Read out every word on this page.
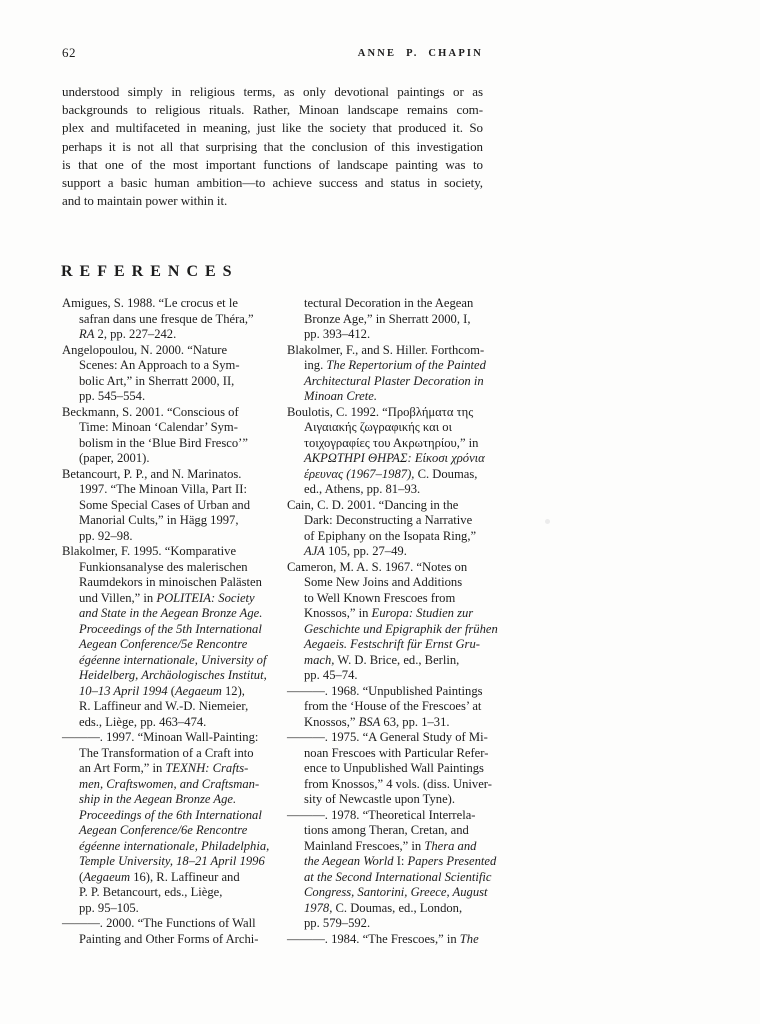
62	ANNE P. CHAPIN
understood simply in religious terms, as only devotional paintings or as
backgrounds to religious rituals. Rather, Minoan landscape remains com-
plex and multifaceted in meaning, just like the society that produced it. So
perhaps it is not all that surprising that the conclusion of this investigation
is that one of the most important functions of landscape painting was to
support a basic human ambition—to achieve success and status in society,
and to maintain power within it.
REFERENCES
Amigues, S. 1988. “Le crocus et le
safran dans une fresque de Théra,”
RA 2, pp. 227–242.
Angelopoulou, N. 2000. “Nature
Scenes: An Approach to a Sym-
bolic Art,” in Sherratt 2000, II,
pp. 545–554.
Beckmann, S. 2001. “Conscious of
Time: Minoan ‘Calendar’ Sym-
bolism in the ‘Blue Bird Fresco’”
(paper, 2001).
Betancourt, P. P., and N. Marinatos.
1997. “The Minoan Villa, Part II:
Some Special Cases of Urban and
Manorial Cults,” in Hägg 1997,
pp. 92–98.
Blakolmer, F. 1995. “Komparative
Funkionsanalyse des malerischen
Raumdekors in minoischen Palästen
und Villen,” in POLITEIA: Society
and State in the Aegean Bronze Age.
Proceedings of the 5th International
Aegean Conference/5e Rencontre
égéenne internationale, University of
Heidelberg, Archäologisches Institut,
10–13 April 1994 (Aegaeum 12),
R. Laffineur and W.-D. Niemeier,
eds., Liège, pp. 463–474.
———. 1997. “Minoan Wall-Painting:
The Transformation of a Craft into
an Art Form,” in TEXNH: Crafts-
men, Craftswomen, and Craftsman-
ship in the Aegean Bronze Age.
Proceedings of the 6th International
Aegean Conference/6e Rencontre
égéenne internationale, Philadelphia,
Temple University, 18–21 April 1996
(Aegaeum 16), R. Laffineur and
P. P. Betancourt, eds., Liège,
pp. 95–105.
———. 2000. “The Functions of Wall
Painting and Other Forms of Archi-
tectural Decoration in the Aegean
Bronze Age,” in Sherratt 2000, I,
pp. 393–412.
Blakolmer, F., and S. Hiller. Forthcom-
ing. The Repertorium of the Painted
Architectural Plaster Decoration in
Minoan Crete.
Boulotis, C. 1992. “Προβλήματα της
Αιγαιακής ζωγραφικής και οι
τοιχογραφίες του Ακρωτηρίου,” in
ΑΚΡΩΤΗΡΙ ΘΗΡΑΣ: Είκοσι χρόνια
έρευνας (1967–1987), C. Doumas,
ed., Athens, pp. 81–93.
Cain, C. D. 2001. “Dancing in the
Dark: Deconstructing a Narrative
of Epiphany on the Isopata Ring,”
AJA 105, pp. 27–49.
Cameron, M. A. S. 1967. “Notes on
Some New Joins and Additions
to Well Known Frescoes from
Knossos,” in Europa: Studien zur
Geschichte und Epigraphik der frühen
Aegaeis. Festschrift für Ernst Gru-
mach, W. D. Brice, ed., Berlin,
pp. 45–74.
———. 1968. “Unpublished Paintings
from the ‘House of the Frescoes’ at
Knossos,” BSA 63, pp. 1–31.
———. 1975. “A General Study of Mi-
noan Frescoes with Particular Refer-
ence to Unpublished Wall Paintings
from Knossos,” 4 vols. (diss. Univer-
sity of Newcastle upon Tyne).
———. 1978. “Theoretical Interrela-
tions among Theran, Cretan, and
Mainland Frescoes,” in Thera and
the Aegean World I: Papers Presented
at the Second International Scientific
Congress, Santorini, Greece, August
1978, C. Doumas, ed., London,
pp. 579–592.
———. 1984. “The Frescoes,” in The
